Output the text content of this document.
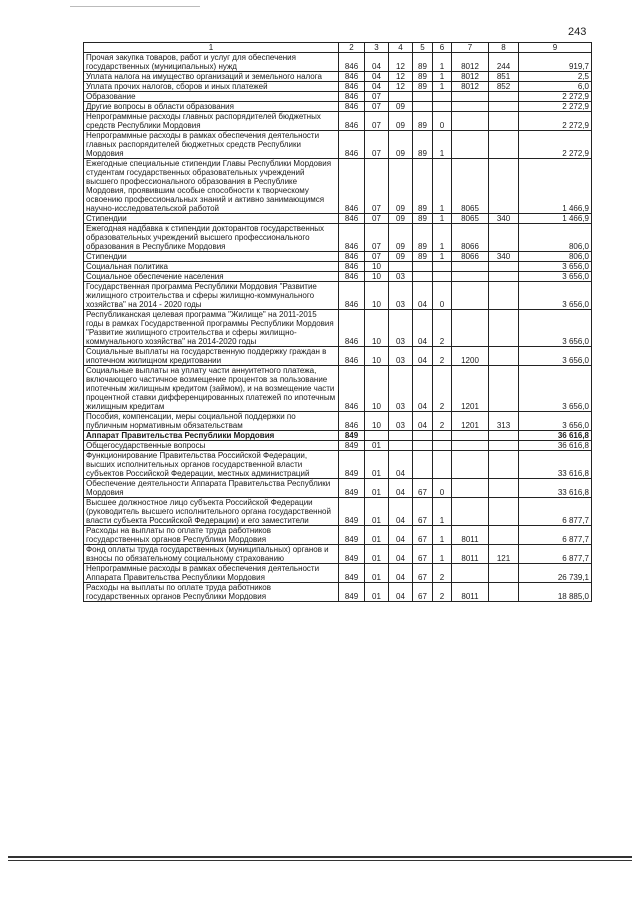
243
1	2	3	4	5	6	7	8	9
Прочая закупка товаров, работ и услуг для обеспечения государственных (муниципальных) нужд	846	04	12	89	1	8012	244	919,7
Уплата налога на имущество организаций и земельного налога	846	04	12	89	1	8012	851	2,5
Уплата прочих налогов, сборов и иных платежей	846	04	12	89	1	8012	852	6,0
Образование	846	07						2 272,9
Другие вопросы в области образования	846	07	09					2 272,9
Непрограммные расходы главных распорядителей бюджетных средств Республики Мордовия	846	07	09	89	0			2 272,9
Непрограммные расходы в рамках обеспечения деятельности главных распорядителей бюджетных средств Республики Мордовия	846	07	09	89	1			2 272,9
Ежегодные специальные стипендии Главы Республики Мордовия студентам государственных образовательных учреждений высшего профессионального образования в Республике Мордовия, проявившим особые способности к творческому освоению профессиональных знаний и активно занимающимся научно-исследовательской работой	846	07	09	89	1	8065		1 466,9
Стипендии	846	07	09	89	1	8065	340	1 466,9
Ежегодная надбавка к стипендии докторантов государственных образовательных учреждений высшего профессионального образования в Республике Мордовия	846	07	09	89	1	8066		806,0
Стипендии	846	07	09	89	1	8066	340	806,0
Социальная политика	846	10						3 656,0
Социальное обеспечение населения	846	10	03					3 656,0
Государственная программа Республики Мордовия "Развитие жилищного строительства и сферы жилищно-коммунального хозяйства" на 2014 - 2020 годы	846	10	03	04	0			3 656,0
Республиканская целевая программа "Жилище" на 2011-2015 годы в рамках Государственной программы Республики Мордовия "Развитие жилищного строительства и сферы жилищно-коммунального хозяйства" на 2014-2020 годы	846	10	03	04	2			3 656,0
Социальные выплаты на государственную поддержку граждан в ипотечном жилищном кредитовании	846	10	03	04	2	1200		3 656,0
Социальные выплаты на уплату части аннуитетного платежа, включающего частичное возмещение процентов за пользование ипотечным жилищным кредитом (займом), и на возмещение части процентной ставки дифференцированных платежей по ипотечным жилищным кредитам	846	10	03	04	2	1201		3 656,0
Пособия, компенсации, меры социальной поддержки по публичным нормативным обязательствам	846	10	03	04	2	1201	313	3 656,0
Аппарат Правительства Республики Мордовия	849							36 616,8
Общегосударственные вопросы	849	01						36 616,8
Функционирование Правительства Российской Федерации, высших исполнительных органов государственной власти субъектов Российской Федерации, местных администраций	849	01	04					33 616,8
Обеспечение деятельности Аппарата Правительства Республики Мордовия	849	01	04	67	0			33 616,8
Высшее должностное лицо субъекта Российской Федерации (руководитель высшего исполнительного органа государственной власти субъекта Российской Федерации) и его заместители	849	01	04	67	1			6 877,7
Расходы на выплаты по оплате труда работников государственных органов Республики Мордовия	849	01	04	67	1	8011		6 877,7
Фонд оплаты труда государственных (муниципальных) органов и взносы по обязательному социальному страхованию	849	01	04	67	1	8011	121	6 877,7
Непрограммные расходы в рамках обеспечения деятельности Аппарата Правительства Республики Мордовия	849	01	04	67	2			26 739,1
Расходы на выплаты по оплате труда работников государственных органов Республики Мордовия	849	01	04	67	2	8011		18 885,0
